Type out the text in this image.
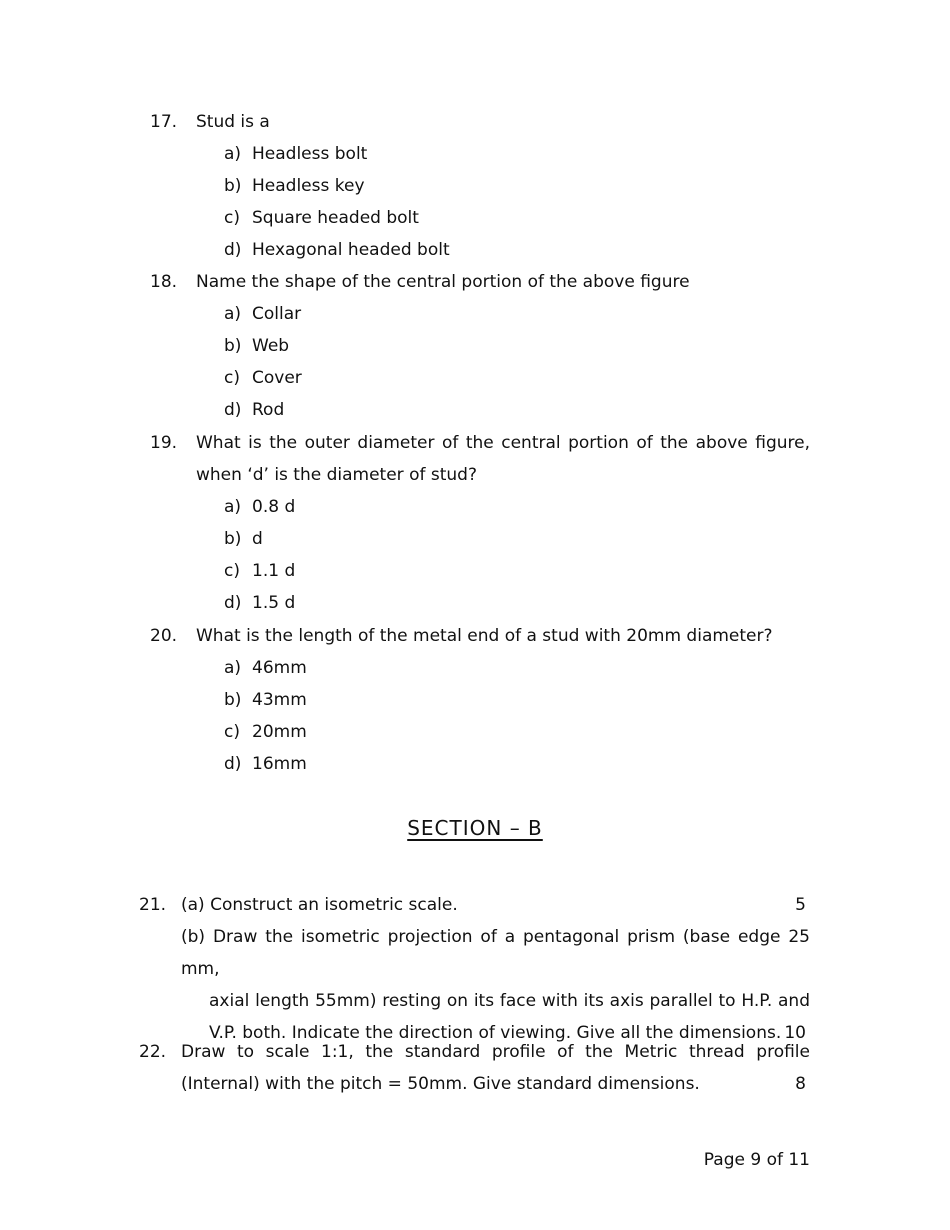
17. Stud is a
a) Headless bolt
b) Headless key
c) Square headed bolt
d) Hexagonal headed bolt
18. Name the shape of the central portion of the above figure
a) Collar
b) Web
c) Cover
d) Rod
19. What is the outer diameter of the central portion of the above figure, when ‘d’ is the diameter of stud?
a) 0.8 d
b) d
c) 1.1 d
d) 1.5 d
20. What is the length of the metal end of a stud with 20mm diameter?
a) 46mm
b) 43mm
c) 20mm
d) 16mm
SECTION – B
21. (a) Construct an isometric scale.	5
(b) Draw the isometric projection of a pentagonal prism (base edge 25 mm,
axial length 55mm) resting on its face with its axis parallel to H.P. and
V.P. both. Indicate the direction of viewing. Give all the dimensions. 10
22. Draw to scale 1:1, the standard profile of the Metric thread profile
(Internal) with the pitch = 50mm. Give standard dimensions.	8
Page 9 of 11
